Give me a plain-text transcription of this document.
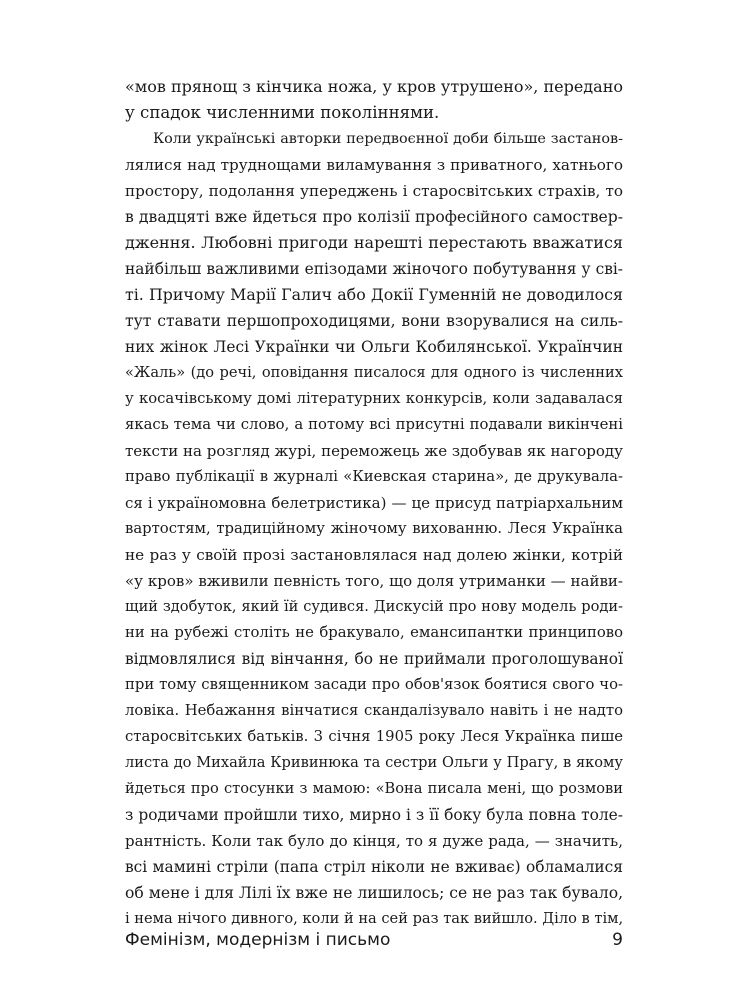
«мов прянощ з кінчика ножа, у кров утрушено», передано
у спадок численними поколіннями.
Коли українські авторки передвоєнної доби більше застанов-
лялися над труднощами виламування з приватного, хатнього
простору, подолання упереджень і старосвітських страхів, то
в двадцяті вже йдеться про колізії професійного самоствер-
дження. Любовні пригоди нарешті перестають вважатися
найбільш важливими епізодами жіночого побутування у сві-
ті. Причому Марії Галич або Докії Гуменній не доводилося
тут ставати першопроходицями, вони взорувалися на силь-
них жінок Лесі Українки чи Ольги Кобилянської. Українчин
«Жаль» (до речі, оповідання писалося для одного із численних
у косачівському домі літературних конкурсів, коли задавалася
якась тема чи слово, а потому всі присутні подавали викінчені
тексти на розгляд журі, переможець же здобував як нагороду
право публікації в журналі «Киевская старина», де друкувала-
ся і україномовна белетристика) — це присуд патріархальним
вартостям, традиційному жіночому вихованню. Леся Українка
не раз у своїй прозі застановлялася над долею жінки, котрій
«у кров» вживили певність того, що доля утриманки — найви-
щий здобуток, який їй судився. Дискусій про нову модель роди-
ни на рубежі століть не бракувало, емансипантки принципово
відмовлялися від вінчання, бо не приймали проголошуваної
при тому священником засади про обов'язок боятися свого чо-
ловіка. Небажання вінчатися скандалізувало навіть і не надто
старосвітських батьків. 3 січня 1905 року Леся Українка пише
листа до Михайла Кривинюка та сестри Ольги у Прагу, в якому
йдеться про стосунки з мамою: «Вона писала мені, що розмови
з родичами пройшли тихо, мирно і з її боку була повна толе-
рантність. Коли так було до кінця, то я дуже рада, — значить,
всі мамині стріли (папа стріл ніколи не вживає) обламалися
об мене і для Лілі їх вже не лишилось; се не раз так бувало,
і нема нічого дивного, коли й на сей раз так вийшло. Діло в тім,
Фемінізм, модернізм і письмо	9
